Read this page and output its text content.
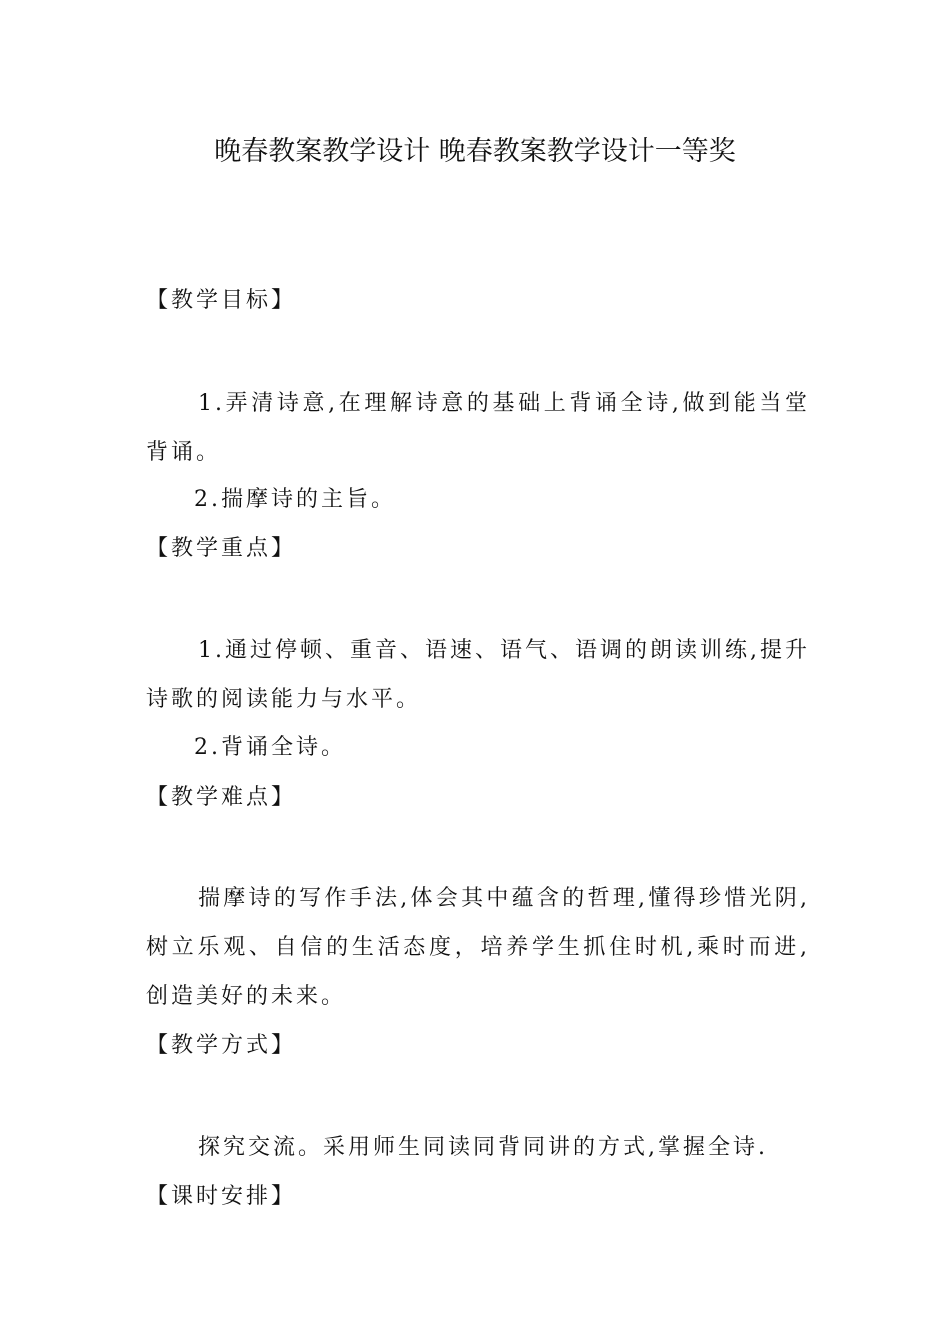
晚春教案教学设计 晚春教案教学设计一等奖
【教学目标】

1.弄清诗意,在理解诗意的基础上背诵全诗,做到能当堂背诵。

2.揣摩诗的主旨。
【教学重点】

1.通过停顿、重音、语速、语气、语调的朗读训练,提升诗歌的阅读能力与水平。

2.背诵全诗。
【教学难点】

揣摩诗的写作手法,体会其中蕴含的哲理,懂得珍惜光阴,树立乐观、自信的生活态度，培养学生抓住时机,乘时而进,创造美好的未来。

【教学方式】

探究交流。采用师生同读同背同讲的方式,掌握全诗.

【课时安排】
